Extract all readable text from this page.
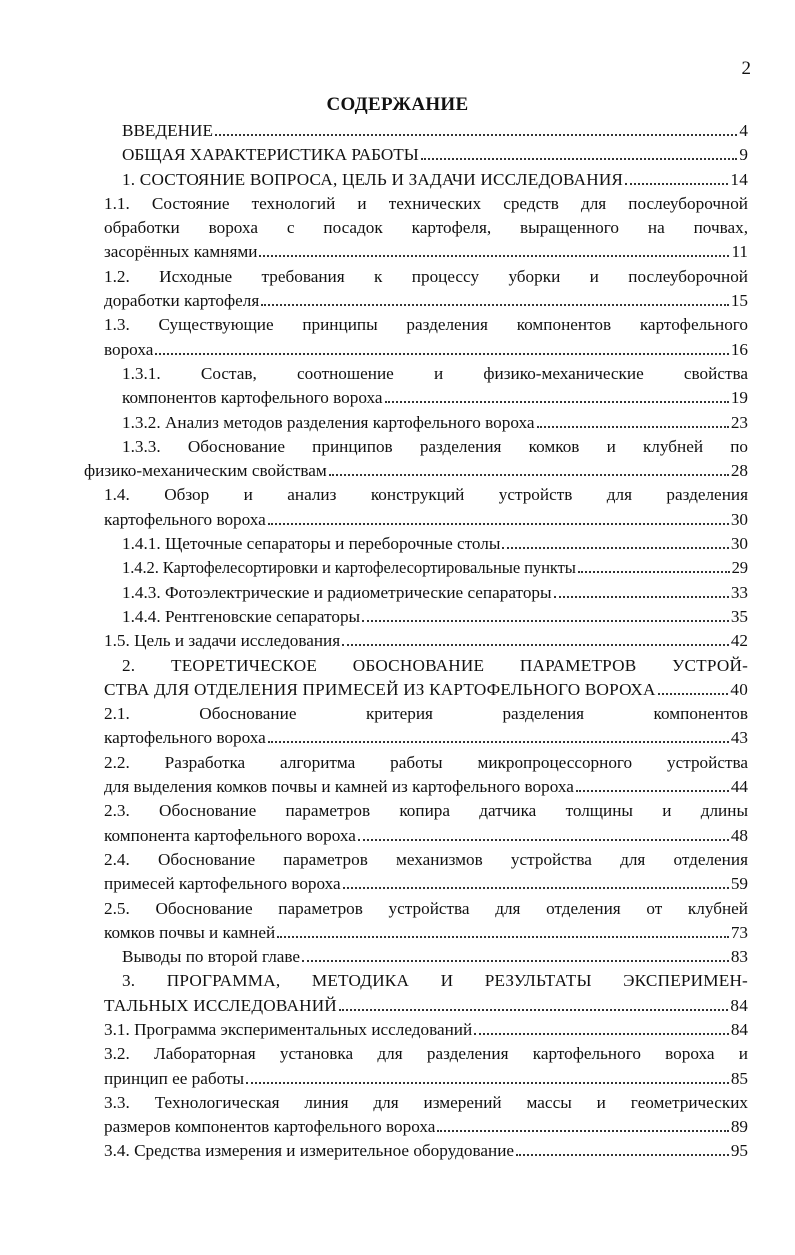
2
СОДЕРЖАНИЕ
ВВЕДЕНИЕ	4
ОБЩАЯ ХАРАКТЕРИСТИКА РАБОТЫ	9
1. СОСТОЯНИЕ ВОПРОСА, ЦЕЛЬ И ЗАДАЧИ ИССЛЕДОВАНИЯ	14
1.1. Состояние технологий и технических средств для послеуборочной
обработки вороха с посадок картофеля, выращенного на почвах,
засорённых камнями	11
1.2. Исходные требования к процессу уборки и послеуборочной
доработки картофеля	15
1.3. Существующие принципы разделения компонентов картофельного
вороха	16
1.3.1. Состав, соотношение и физико-механические свойства
компонентов картофельного вороха	19
1.3.2. Анализ методов разделения картофельного вороха	23
1.3.3. Обоснование принципов разделения комков и клубней по
физико-механическим свойствам	28
1.4. Обзор и анализ конструкций устройств для разделения
картофельного вороха	30
1.4.1. Щеточные сепараторы и переборочные столы	30
1.4.2. Картофелесортировки и картофелесортировальные пункты	29
1.4.3. Фотоэлектрические и радиометрические сепараторы	33
1.4.4. Рентгеновские сепараторы	35
1.5. Цель и задачи исследования	42
2. ТЕОРЕТИЧЕСКОЕ ОБОСНОВАНИЕ ПАРАМЕТРОВ УСТРОЙ-
СТВА ДЛЯ ОТДЕЛЕНИЯ ПРИМЕСЕЙ ИЗ КАРТОФЕЛЬНОГО ВОРОХА	40
2.1. Обоснование критерия разделения компонентов
картофельного вороха	43
2.2. Разработка алгоритма работы микропроцессорного устройства
для выделения комков почвы и камней из картофельного вороха	44
2.3. Обоснование параметров копира датчика толщины и длины
компонента картофельного вороха	48
2.4. Обоснование параметров механизмов устройства для отделения
примесей картофельного вороха	59
2.5. Обоснование параметров устройства для отделения от клубней
комков почвы и камней	73
Выводы по второй главе	83
3. ПРОГРАММА, МЕТОДИКА И РЕЗУЛЬТАТЫ ЭКСПЕРИМЕН-
ТАЛЬНЫХ ИССЛЕДОВАНИЙ	84
3.1. Программа экспериментальных исследований	84
3.2. Лабораторная установка для разделения картофельного вороха и
принцип ее работы	85
3.3. Технологическая линия для измерений массы и геометрических
размеров компонентов картофельного вороха	89
3.4. Средства измерения и измерительное оборудование	95
